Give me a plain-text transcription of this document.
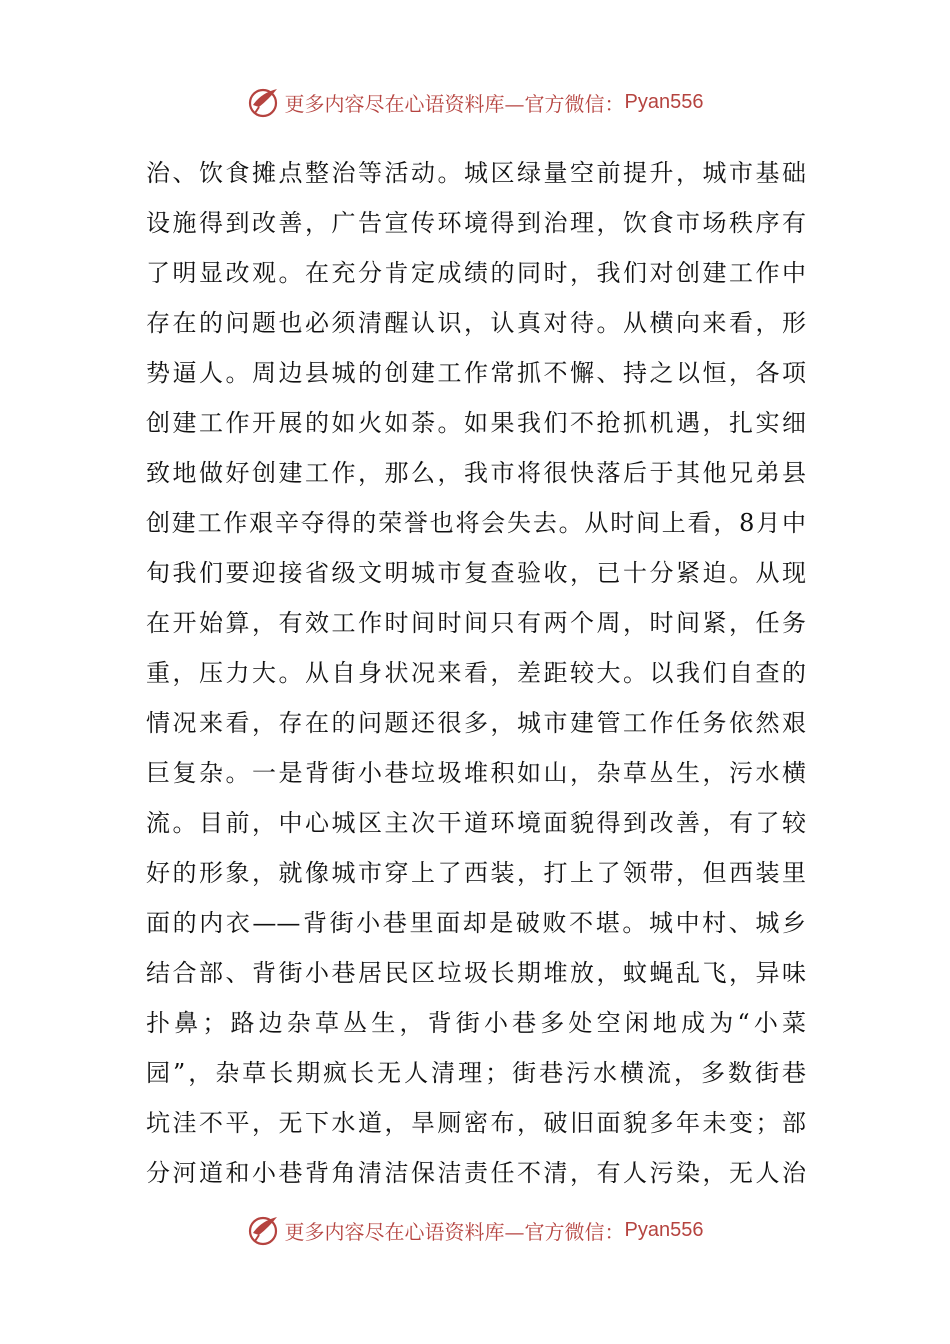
更多内容尽在心语资料库—官方微信： Pyan556
治、饮食摊点整治等活动。城区绿量空前提升，城市基础
设施得到改善，广告宣传环境得到治理，饮食市场秩序有
了明显改观。在充分肯定成绩的同时，我们对创建工作中
存在的问题也必须清醒认识，认真对待。从横向来看，形
势逼人。周边县城的创建工作常抓不懈、持之以恒，各项
创建工作开展的如火如荼。如果我们不抢抓机遇，扎实细
致地做好创建工作，那么，我市将很快落后于其他兄弟县
创建工作艰辛夺得的荣誉也将会失去。从时间上看，8月中
旬我们要迎接省级文明城市复查验收，已十分紧迫。从现
在开始算，有效工作时间时间只有两个周，时间紧，任务
重，压力大。从自身状况来看，差距较大。以我们自查的
情况来看，存在的问题还很多，城市建管工作任务依然艰
巨复杂。一是背街小巷垃圾堆积如山，杂草丛生，污水横
流。目前，中心城区主次干道环境面貌得到改善，有了较
好的形象，就像城市穿上了西装，打上了领带，但西装里
面的内衣——背街小巷里面却是破败不堪。城中村、城乡
结合部、背街小巷居民区垃圾长期堆放，蚊蝇乱飞，异味
扑鼻；路边杂草丛生，背街小巷多处空闲地成为“小菜
园”，杂草长期疯长无人清理；街巷污水横流，多数街巷
坑洼不平，无下水道，旱厕密布，破旧面貌多年未变；部
分河道和小巷背角清洁保洁责任不清，有人污染，无人治
更多内容尽在心语资料库—官方微信： Pyan556
